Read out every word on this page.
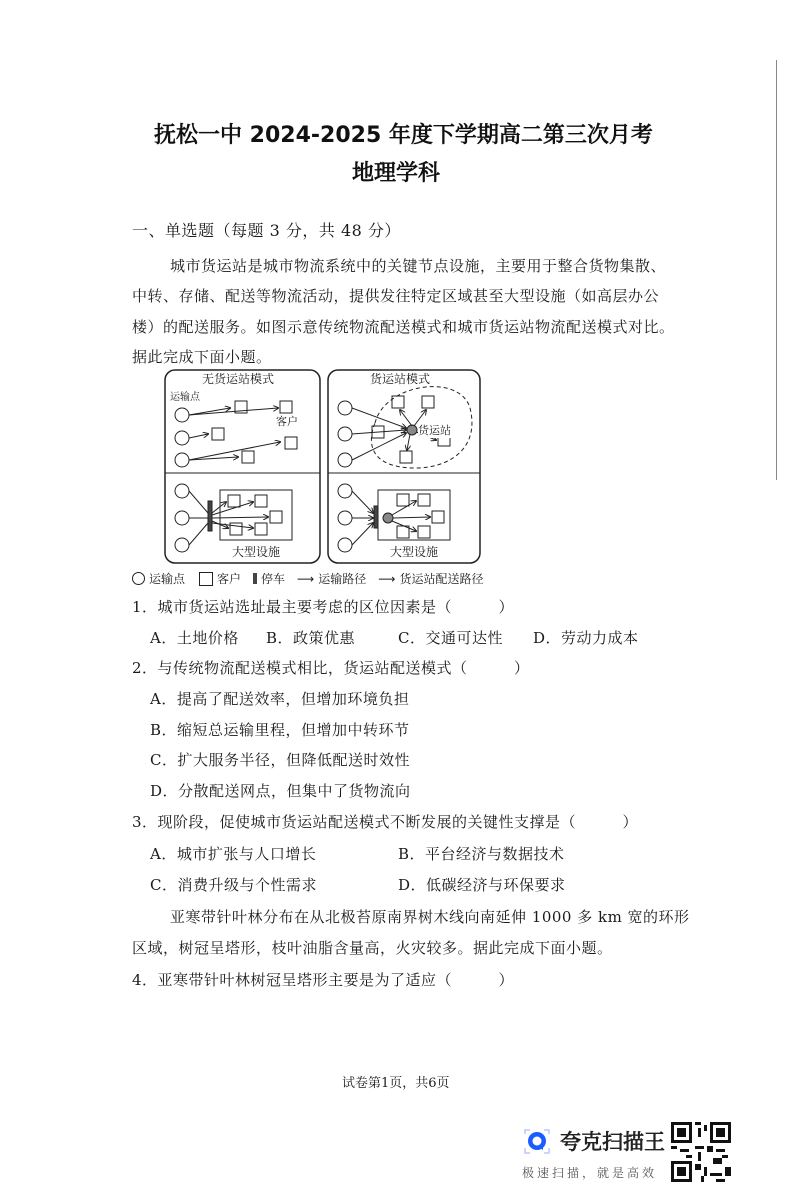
抚松一中 2024-2025 年度下学期高二第三次月考
地理学科
一、单选题（每题 3 分，共 48 分）
城市货运站是城市物流系统中的关键节点设施，主要用于整合货物集散、
中转、存储、配送等物流活动，提供发往特定区域甚至大型设施（如高层办公
楼）的配送服务。如图示意传统物流配送模式和城市货运站物流配送模式对比。
据此完成下面小题。
无货运站模式	货运站模式
运输点
客户
货运站
大型设施	大型设施
运输点	客户 停车 ⟶ 运输路径 ⟶ 货运站配送路径
1．城市货运站选址最主要考虑的区位因素是（　　　）
A．土地价格 B．政策优惠	C．交通可达性 D．劳动力成本
2．与传统物流配送模式相比，货运站配送模式（　　　）
A．提高了配送效率，但增加环境负担
B．缩短总运输里程，但增加中转环节
C．扩大服务半径，但降低配送时效性
D．分散配送网点，但集中了货物流向
3．现阶段，促使城市货运站配送模式不断发展的关键性支撑是（　　　）
A．城市扩张与人口增长	B．平台经济与数据技术
C．消费升级与个性需求	D．低碳经济与环保要求
亚寒带针叶林分布在从北极苔原南界树木线向南延伸 1000 多 km 宽的环形
区域，树冠呈塔形，枝叶油脂含量高，火灾较多。据此完成下面小题。
4．亚寒带针叶林树冠呈塔形主要是为了适应（　　　）
试卷第1页，共6页
夸克扫描王
极速扫描，就是高效
